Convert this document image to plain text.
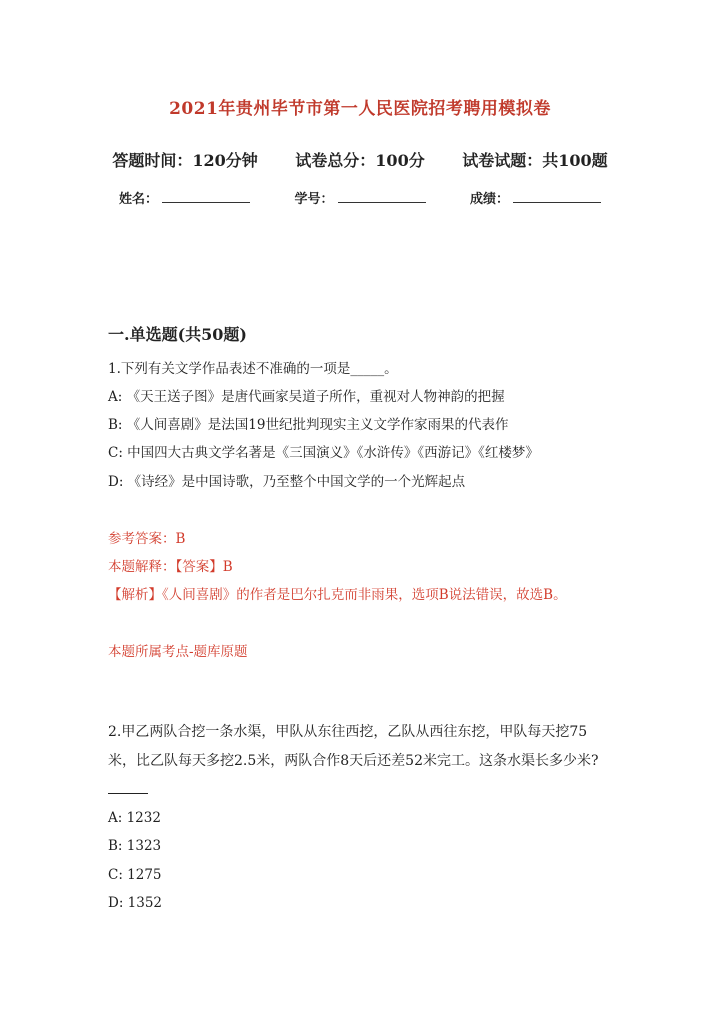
2021年贵州毕节市第一人民医院招考聘用模拟卷
答题时间：120分钟 试卷总分：100分 试卷试题：共100题
姓名：	学号：	成绩：
一.单选题(共50题)
1.下列有关文学作品表述不准确的一项是_____。
A: 《天王送子图》是唐代画家吴道子所作，重视对人物神韵的把握
B: 《人间喜剧》是法国19世纪批判现实主义文学作家雨果的代表作
C: 中国四大古典文学名著是《三国演义》《水浒传》《西游记》《红楼梦》
D: 《诗经》是中国诗歌，乃至整个中国文学的一个光辉起点
参考答案：B
本题解释：【答案】B
【解析】《人间喜剧》的作者是巴尔扎克而非雨果，选项B说法错误，故选B。
本题所属考点-题库原题
2.甲乙两队合挖一条水渠，甲队从东往西挖，乙队从西往东挖，甲队每天挖75米，比乙队每天多挖2.5米，两队合作8天后还差52米完工。这条水渠长多少米?
A: 1232
B: 1323
C: 1275
D: 1352
